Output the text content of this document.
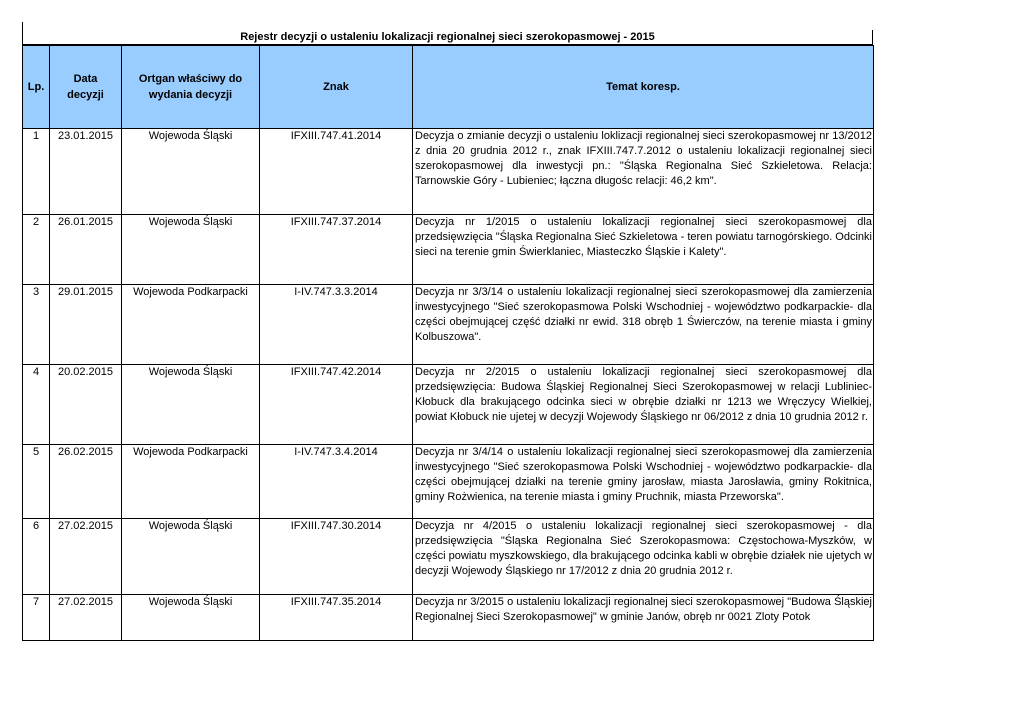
Rejestr decyzji o ustaleniu lokalizacji regionalnej sieci szerokopasmowej - 2015
Lp.	Data decyzji	Ortgan właściwy do wydania decyzji	Znak	Temat koresp.
1	23.01.2015	Wojewoda Śląski	IFXIII.747.41.2014	Decyzja o zmianie decyzji o ustaleniu loklizacji regionalnej sieci szerokopasmowej nr 13/2012 z dnia 20 grudnia 2012 r., znak IFXIII.747.7.2012 o ustaleniu lokalizacji regionalnej sieci szerokopasmowej dla inwestycji pn.: "Śląska Regionalna Sieć Szkieletowa. Relacja: Tarnowskie Góry - Lubieniec; łączna długośc relacji: 46,2 km".
2	26.01.2015	Wojewoda Śląski	IFXIII.747.37.2014	Decyzja nr 1/2015 o ustaleniu lokalizacji regionalnej sieci szerokopasmowej dla przedsięwzięcia "Śląska Regionalna Sieć Szkieletowa - teren powiatu tarnogórskiego. Odcinki sieci na terenie gmin Świerklaniec, Miasteczko Śląskie i Kalety".
3	29.01.2015	Wojewoda Podkarpacki	I-IV.747.3.3.2014	Decyzja nr 3/3/14 o ustaleniu lokalizacji regionalnej sieci szerokopasmowej dla zamierzenia inwestycyjnego "Sieć szerokopasmowa Polski Wschodniej - województwo podkarpackie- dla części obejmującej część działki nr ewid. 318 obręb 1 Świerczów, na terenie miasta i gminy Kolbuszowa".
4	20.02.2015	Wojewoda Śląski	IFXIII.747.42.2014	Decyzja nr 2/2015 o ustaleniu lokalizacji regionalnej sieci szerokopasmowej dla przedsięwzięcia: Budowa Śląskiej Regionalnej Sieci Szerokopasmowej w relacji Lubliniec-Kłobuck dla brakującego odcinka sieci w obrębie działki nr 1213 we Wręczycy Wielkiej, powiat Kłobuck nie ujetej w decyzji Wojewody Śląskiego nr 06/2012 z dnia 10 grudnia 2012 r.
5	26.02.2015	Wojewoda Podkarpacki	I-IV.747.3.4.2014	Decyzja nr 3/4/14 o ustaleniu lokalizacji regionalnej sieci szerokopasmowej dla zamierzenia inwestycyjnego "Sieć szerokopasmowa Polski Wschodniej - województwo podkarpackie- dla części obejmującej działki na terenie gminy jarosław, miasta Jarosławia, gminy Rokitnica, gminy Rożwienica, na terenie miasta i gminy Pruchnik, miasta Przeworska".
6	27.02.2015	Wojewoda Śląski	IFXIII.747.30.2014	Decyzja nr 4/2015 o ustaleniu lokalizacji regionalnej sieci szerokopasmowej - dla przedsięwzięcia "Śląska Regionalna Sieć Szerokopasmowa: Częstochowa-Myszków, w części powiatu myszkowskiego, dla brakującego odcinka kabli w obrębie działek nie ujetych w decyzji Wojewody Śląskiego nr 17/2012 z dnia 20 grudnia 2012 r.
7	27.02.2015	Wojewoda Śląski	IFXIII.747.35.2014	Decyzja nr 3/2015 o ustaleniu lokalizacji regionalnej sieci szerokopasmowej "Budowa Śląskiej Regionalnej Sieci Szerokopasmowej" w gminie Janów, obręb nr 0021 Zloty Potok
